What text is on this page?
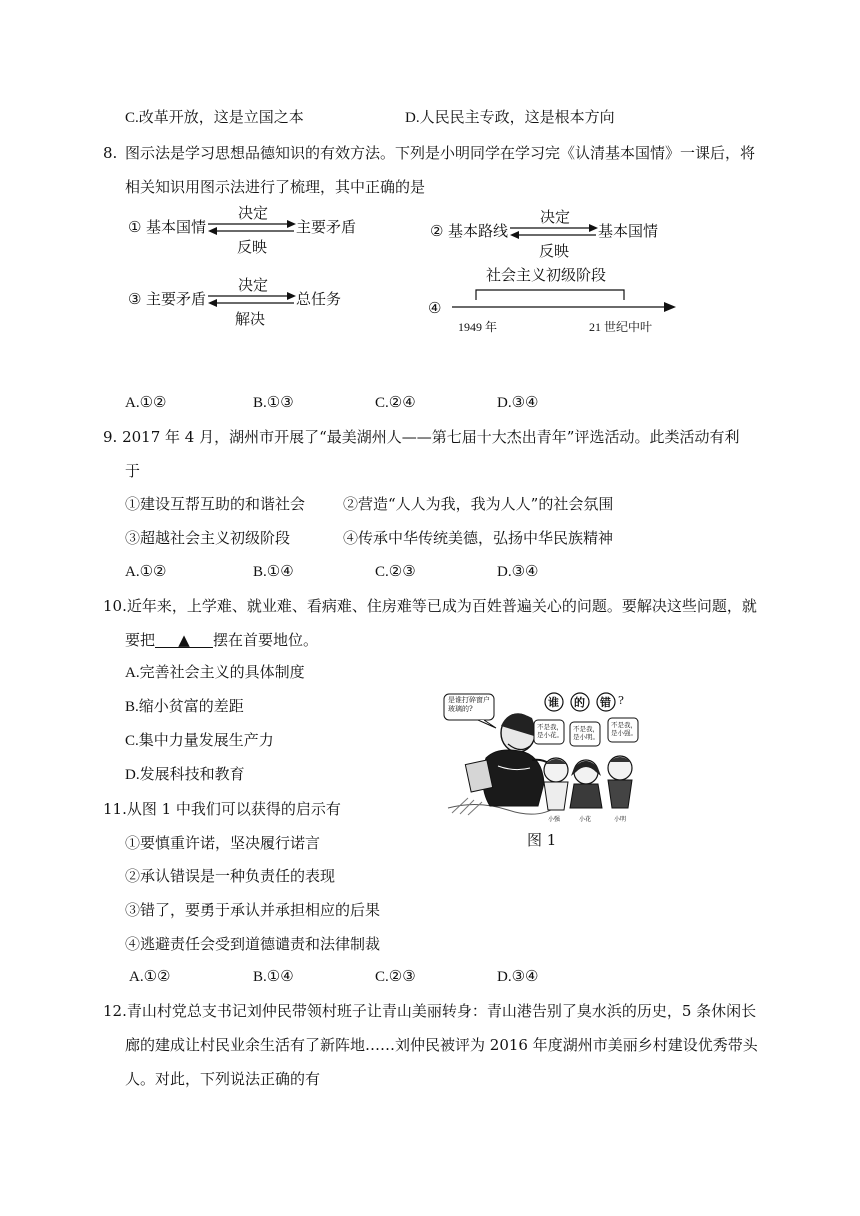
C.改革开放，这是立国之本	D.人民民主专政，这是根本方向
8. 图示法是学习思想品德知识的有效方法。下列是小明同学在学习完《认清基本国情》一课后，将
相关知识用图示法进行了梳理，其中正确的是
① 基本国情
决定
主要矛盾
反映
② 基本路线
决定
基本国情
反映
③ 主要矛盾
决定
总任务
解决
④
社会主义初级阶段
1949 年	21 世纪中叶
A.①②	B.①③	C.②④	D.③④
9. 2017 年 4 月，湖州市开展了“最美湖州人——第七届十大杰出青年”评选活动。此类活动有利
于
①建设互帮互助的和谐社会	②营造“人人为我，我为人人”的社会氛围
③超越社会主义初级阶段	④传承中华传统美德，弘扬中华民族精神
A.①②	B.①④	C.②③	D.③④
10.近年来，上学难、就业难、看病难、住房难等已成为百姓普遍关心的问题。要解决这些问题，就
要把 ▲ 摆在首要地位。
A.完善社会主义的具体制度
B.缩小贫富的差距
C.集中力量发展生产力
D.发展科技和教育
11.从图 1 中我们可以获得的启示有
①要慎重许诺，坚决履行诺言
②承认错误是一种负责任的表现
③错了，要勇于承认并承担相应的后果
④逃避责任会受到道德谴责和法律制裁
A.①②	B.①④	C.②③	D.③④
是谁打碎窗户玻璃的?	谁 的 错 ?
不是我，是小花。
不是我，是小明。
不是我，是小强。
小强	小花	小明
图 1
12.青山村党总支书记刘仲民带领村班子让青山美丽转身：青山港告别了臭水浜的历史，5 条休闲长
廊的建成让村民业余生活有了新阵地……刘仲民被评为 2016 年度湖州市美丽乡村建设优秀带头
人。对此，下列说法正确的有
